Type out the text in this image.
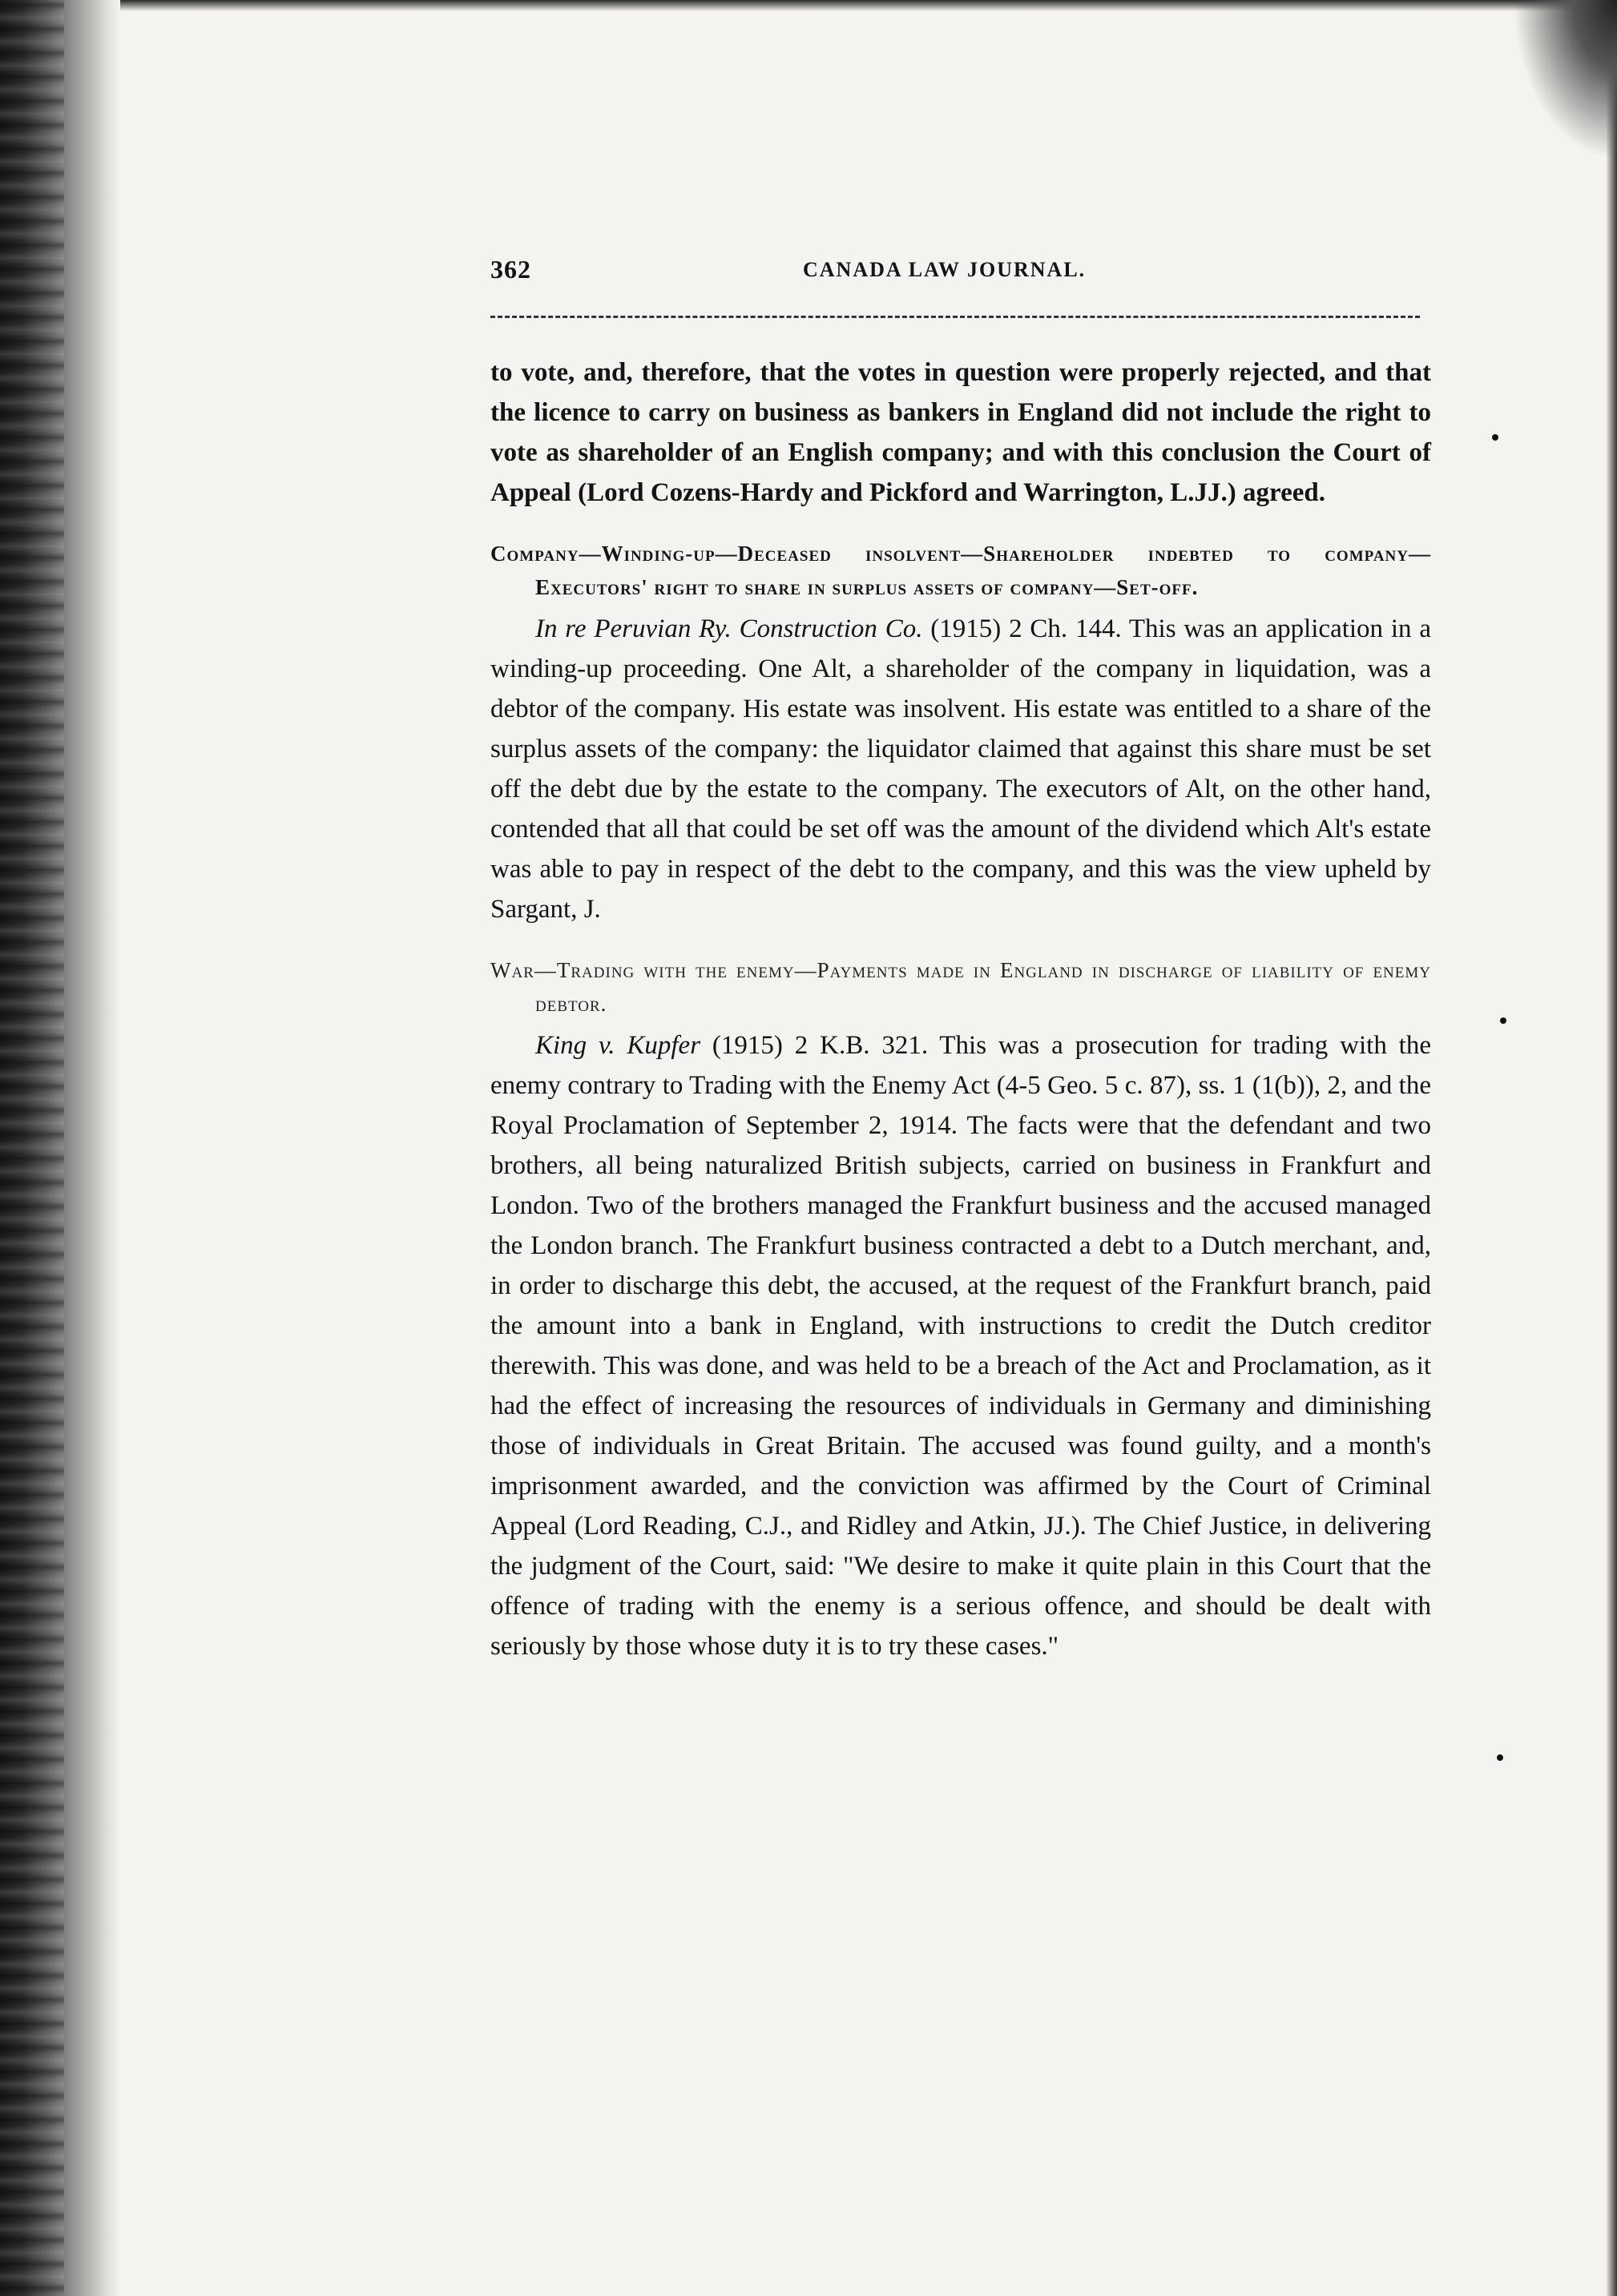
362	CANADA LAW JOURNAL.

to vote, and, therefore, that the votes in question were properly rejected, and that the licence to carry on business as bankers in England did not include the right to vote as shareholder of an English company; and with this conclusion the Court of Appeal (Lord Cozens-Hardy and Pickford and Warrington, L.JJ.) agreed.

Company—Winding-up—Deceased insolvent—Shareholder indebted to company—Executors' right to share in surplus assets of company—Set-off.

In re Peruvian Ry. Construction Co. (1915) 2 Ch. 144. This was an application in a winding-up proceeding. One Alt, a shareholder of the company in liquidation, was a debtor of the company. His estate was insolvent. His estate was entitled to a share of the surplus assets of the company: the liquidator claimed that against this share must be set off the debt due by the estate to the company. The executors of Alt, on the other hand, contended that all that could be set off was the amount of the dividend which Alt's estate was able to pay in respect of the debt to the company, and this was the view upheld by Sargant, J.

War—Trading with the enemy—Payments made in England in discharge of liability of enemy debtor.

King v. Kupfer (1915) 2 K.B. 321. This was a prosecution for trading with the enemy contrary to Trading with the Enemy Act (4-5 Geo. 5 c. 87), ss. 1 (1(b)), 2, and the Royal Proclamation of September 2, 1914. The facts were that the defendant and two brothers, all being naturalized British subjects, carried on business in Frankfurt and London. Two of the brothers managed the Frankfurt business and the accused managed the London branch. The Frankfurt business contracted a debt to a Dutch merchant, and, in order to discharge this debt, the accused, at the request of the Frankfurt branch, paid the amount into a bank in England, with instructions to credit the Dutch creditor therewith. This was done, and was held to be a breach of the Act and Proclamation, as it had the effect of increasing the resources of individuals in Germany and diminishing those of individuals in Great Britain. The accused was found guilty, and a month's imprisonment awarded, and the conviction was affirmed by the Court of Criminal Appeal (Lord Reading, C.J., and Ridley and Atkin, JJ.). The Chief Justice, in delivering the judgment of the Court, said: "We desire to make it quite plain in this Court that the offence of trading with the enemy is a serious offence, and should be dealt with seriously by those whose duty it is to try these cases."
